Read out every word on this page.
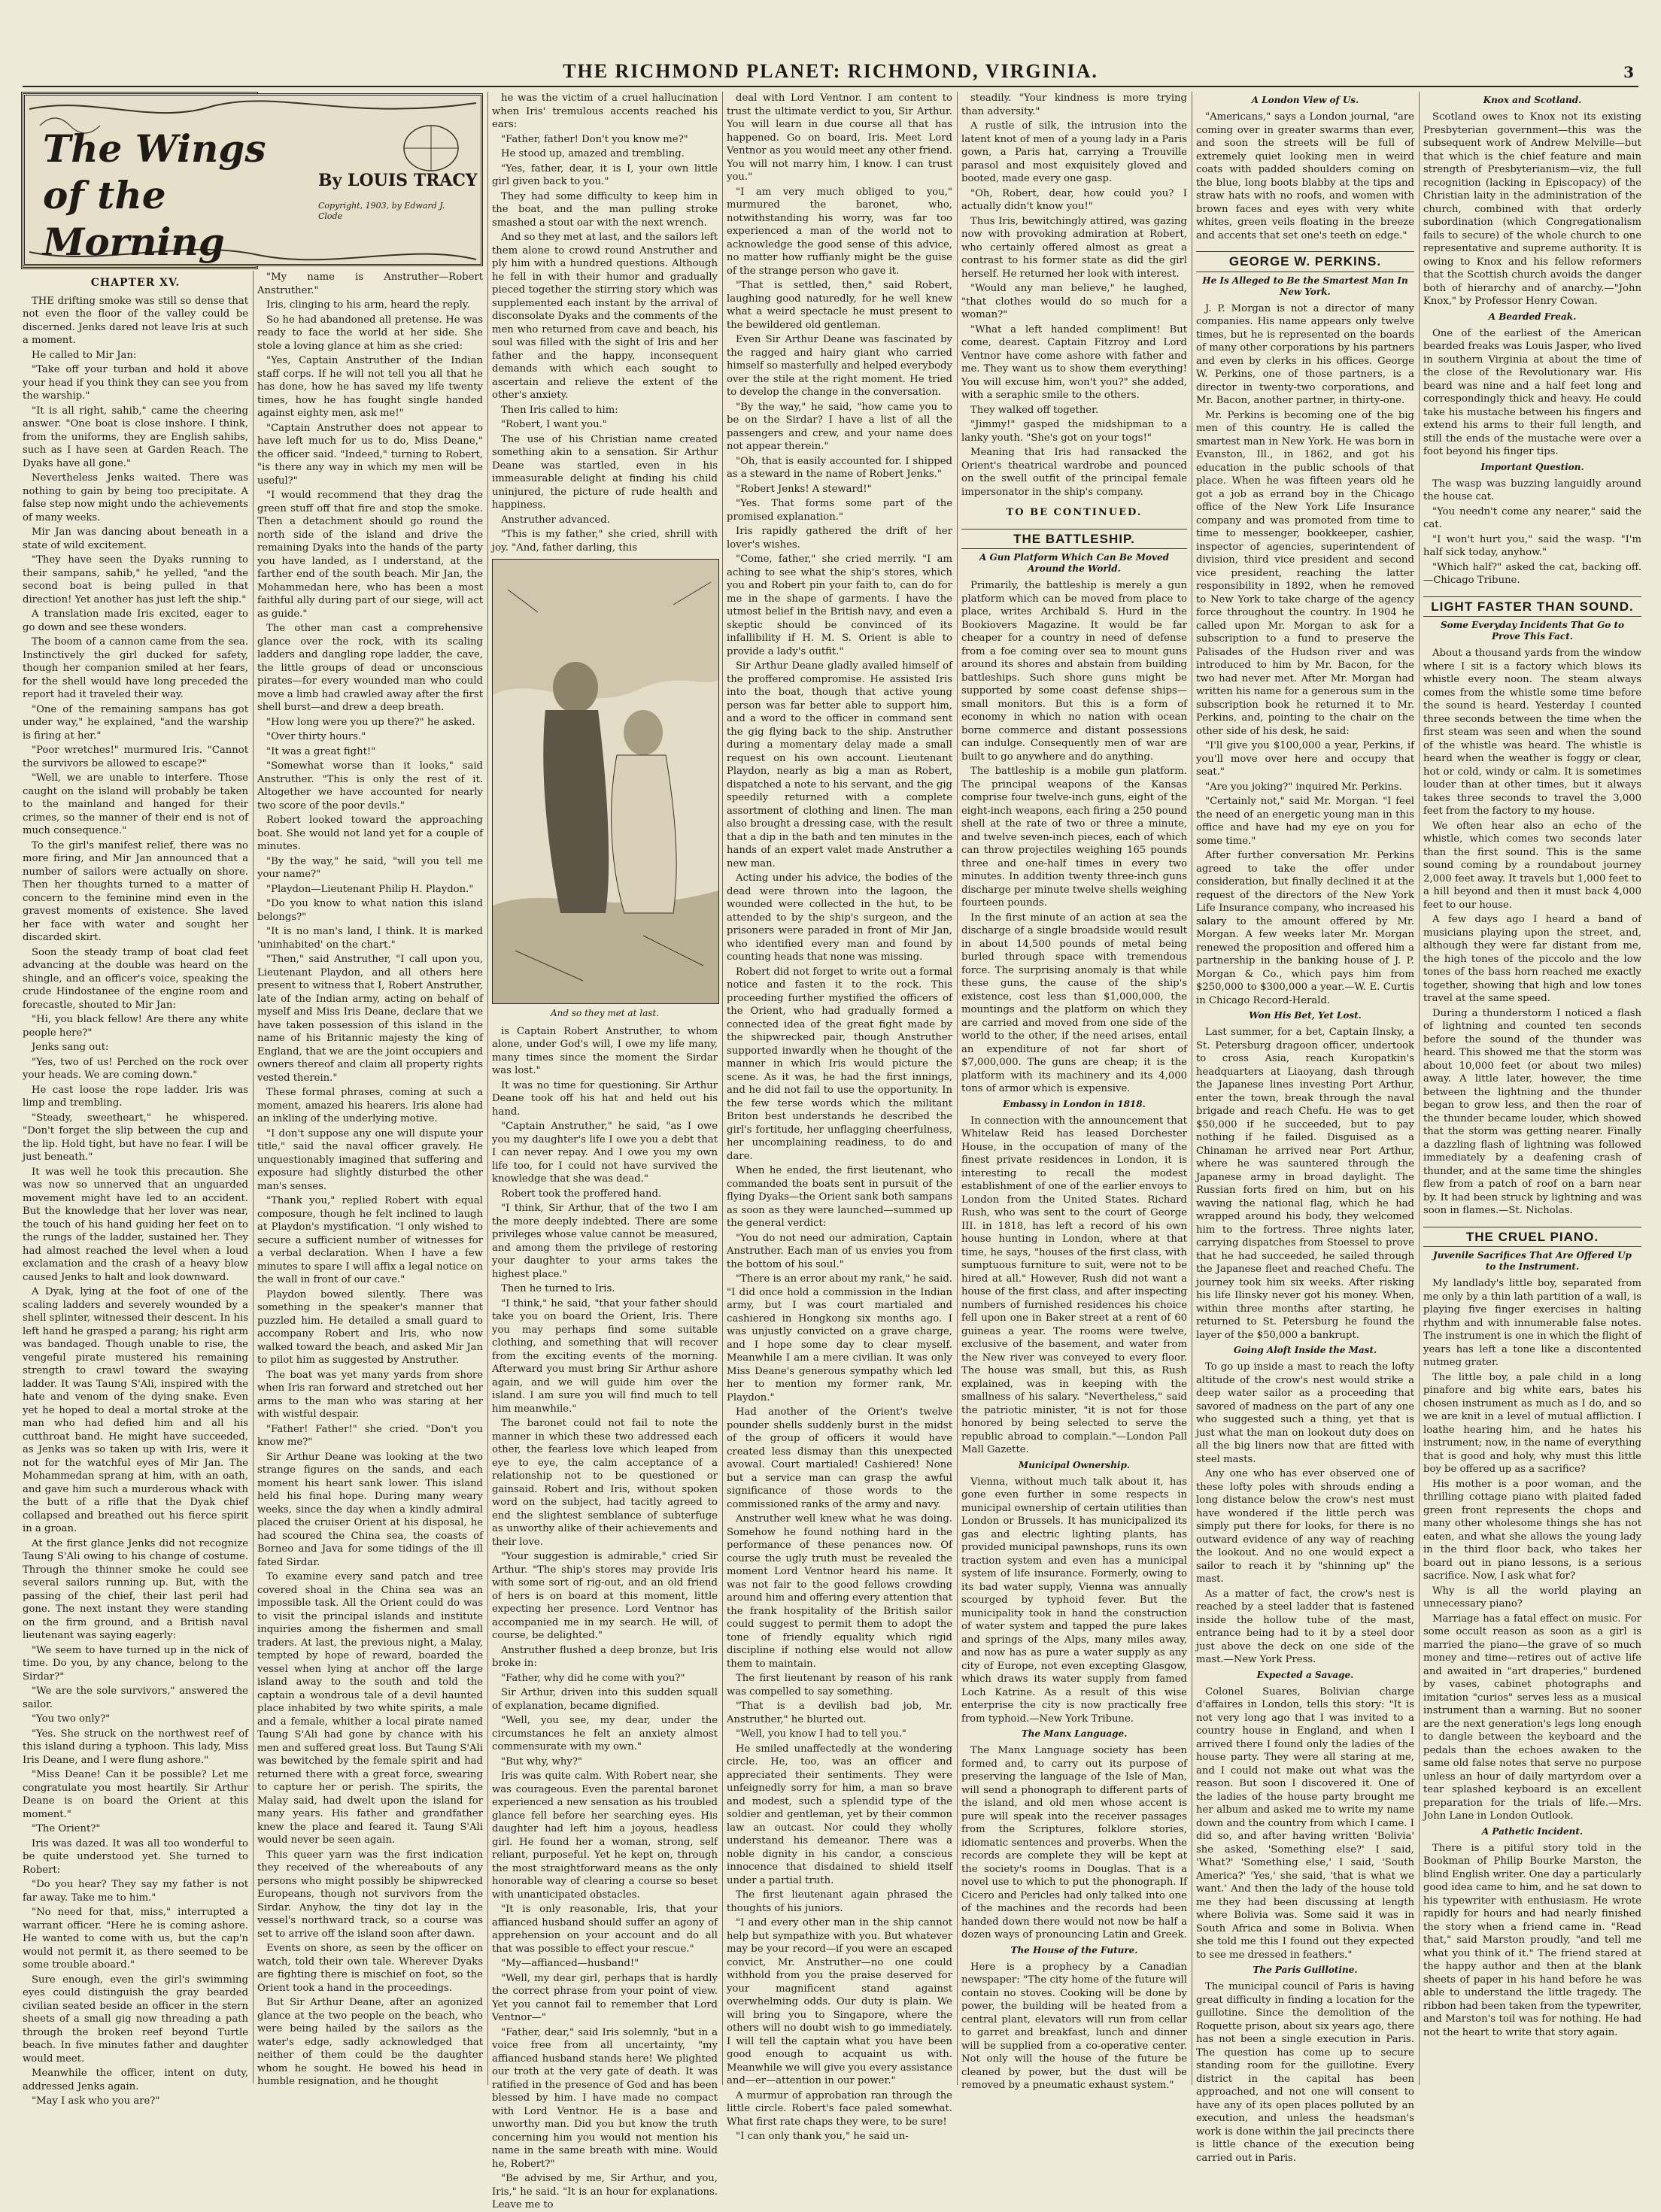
THE RICHMOND PLANET: RICHMOND, VIRGINIA.	3
The Wings of the Morning
By LOUIS TRACY
Copyright, 1903, by Edward J. Clode
CHAPTER XV.

THE drifting smoke was still so dense that not even the floor of the valley could be discerned. Jenks dared not leave Iris at such a moment.

He called to Mir Jan:

"Take off your turban and hold it above your head if you think they can see you from the warship."

"It is all right, sahib," came the cheering answer. "One boat is close inshore. I think, from the uniforms, they are English sahibs, such as I have seen at Garden Reach. The Dyaks have all gone."

Nevertheless Jenks waited. There was nothing to gain by being too precipitate. A false step now might undo the achievements of many weeks.

Mir Jan was dancing about beneath in a state of wild excitement.

"They have seen the Dyaks running to their sampans, sahib," he yelled, "and the second boat is being pulled in that direction! Yet another has just left the ship."

A translation made Iris excited, eager to go down and see these wonders.

The boom of a cannon came from the sea. Instinctively the girl ducked for safety, though her companion smiled at her fears, for the shell would have long preceded the report had it traveled their way.

"One of the remaining sampans has got under way," he explained, "and the warship is firing at her."

"Poor wretches!" murmured Iris. "Cannot the survivors be allowed to escape?"

"Well, we are unable to interfere. Those caught on the island will probably be taken to the mainland and hanged for their crimes, so the manner of their end is not of much consequence."

To the girl's manifest relief, there was no more firing, and Mir Jan announced that a number of sailors were actually on shore. Then her thoughts turned to a matter of concern to the feminine mind even in the gravest moments of existence. She laved her face with water and sought her discarded skirt.

Soon the steady tramp of boat clad feet advancing at the double was heard on the shingle, and an officer's voice, speaking the crude Hindostanee of the engine room and forecastle, shouted to Mir Jan:

"Hi, you black fellow! Are there any white people here?"

Jenks sang out:

"Yes, two of us! Perched on the rock over your heads. We are coming down."

He cast loose the rope ladder. Iris was limp and trembling.

"Steady, sweetheart," he whispered. "Don't forget the slip between the cup and the lip. Hold tight, but have no fear. I will be just beneath."

It was well he took this precaution. She was now so unnerved that an unguarded movement might have led to an accident. But the knowledge that her lover was near, the touch of his hand guiding her feet on to the rungs of the ladder, sustained her. They had almost reached the level when a loud exclamation and the crash of a heavy blow caused Jenks to halt and look downward.

A Dyak, lying at the foot of one of the scaling ladders and severely wounded by a shell splinter, witnessed their descent. In his left hand he grasped a parang; his right arm was bandaged. Though unable to rise, the vengeful pirate mustered his remaining strength to crawl toward the swaying ladder. It was Taung S'Ali, inspired with the hate and venom of the dying snake. Even yet he hoped to deal a mortal stroke at the man who had defied him and all his cutthroat band. He might have succeeded, as Jenks was so taken up with Iris, were it not for the watchful eyes of Mir Jan. The Mohammedan sprang at him, with an oath, and gave him such a murderous whack with the butt of a rifle that the Dyak chief collapsed and breathed out his fierce spirit in a groan.

At the first glance Jenks did not recognize Taung S'Ali owing to his change of costume. Through the thinner smoke he could see several sailors running up. But, with the passing of the chief, their last peril had gone. The next instant they were standing on the firm ground, and a British naval lieutenant was saying eagerly:

"We seem to have turned up in the nick of time. Do you, by any chance, belong to the Sirdar?"

"We are the sole survivors," answered the sailor.

"You two only?"

"Yes. She struck on the northwest reef of this island during a typhoon. This lady, Miss Iris Deane, and I were flung ashore."

"Miss Deane! Can it be possible? Let me congratulate you most heartily. Sir Arthur Deane is on board the Orient at this moment."

"The Orient?"

Iris was dazed. It was all too wonderful to be quite understood yet. She turned to Robert:

"Do you hear? They say my father is not far away. Take me to him."

"No need for that, miss," interrupted a warrant officer. "Here he is coming ashore. He wanted to come with us, but the cap'n would not permit it, as there seemed to be some trouble aboard."

Sure enough, even the girl's swimming eyes could distinguish the gray bearded civilian seated beside an officer in the stern sheets of a small gig now threading a path through the broken reef beyond Turtle beach. In five minutes father and daughter would meet.

Meanwhile the officer, intent on duty, addressed Jenks again.

"May I ask who you are?"

"My name is Anstruther—Robert Anstruther."

Iris, clinging to his arm, heard the reply.

So he had abandoned all pretense. He was ready to face the world at her side. She stole a loving glance at him as she cried:

"Yes, Captain Anstruther of the Indian staff corps. If he will not tell you all that he has done, how he has saved my life twenty times, how he has fought single handed against eighty men, ask me!"

"Captain Anstruther does not appear to have left much for us to do, Miss Deane," the officer said. "Indeed," turning to Robert, "is there any way in which my men will be useful?"

"I would recommend that they drag the green stuff off that fire and stop the smoke. Then a detachment should go round the north side of the island and drive the remaining Dyaks into the hands of the party you have landed, as I understand, at the farther end of the south beach. Mir Jan, the Mohammedan here, who has been a most faithful ally during part of our siege, will act as guide."

The other man cast a comprehensive glance over the rock, with its scaling ladders and dangling rope ladder, the cave, the little groups of dead or unconscious pirates—for every wounded man who could move a limb had crawled away after the first shell burst—and drew a deep breath.

"How long were you up there?" he asked.

"Over thirty hours."

"It was a great fight!"

"Somewhat worse than it looks," said Anstruther. "This is only the rest of it. Altogether we have accounted for nearly two score of the poor devils."

Robert looked toward the approaching boat. She would not land yet for a couple of minutes.

"By the way," he said, "will you tell me your name?"

"Playdon—Lieutenant Philip H. Playdon."

"Do you know to what nation this island belongs?"

"It is no man's land, I think. It is marked 'uninhabited' on the chart."

"Then," said Anstruther, "I call upon you, Lieutenant Playdon, and all others here present to witness that I, Robert Anstruther, late of the Indian army, acting on behalf of myself and Miss Iris Deane, declare that we have taken possession of this island in the name of his Britannic majesty the king of England, that we are the joint occupiers and owners thereof and claim all property rights vested therein."

These formal phrases, coming at such a moment, amazed his hearers. Iris alone had an inkling of the underlying motive.

"I don't suppose any one will dispute your title," said the naval officer gravely. He unquestionably imagined that suffering and exposure had slightly disturbed the other man's senses.

"Thank you," replied Robert with equal composure, though he felt inclined to laugh at Playdon's mystification. "I only wished to secure a sufficient number of witnesses for a verbal declaration. When I have a few minutes to spare I will affix a legal notice on the wall in front of our cave."

Playdon bowed silently. There was something in the speaker's manner that puzzled him. He detailed a small guard to accompany Robert and Iris, who now walked toward the beach, and asked Mir Jan to pilot him as suggested by Anstruther.

The boat was yet many yards from shore when Iris ran forward and stretched out her arms to the man who was staring at her with wistful despair.

"Father! Father!" she cried. "Don't you know me?"

Sir Arthur Deane was looking at the two strange figures on the sands, and each moment his heart sank lower. This island held his final hope. During many weary weeks, since the day when a kindly admiral placed the cruiser Orient at his disposal, he had scoured the China sea, the coasts of Borneo and Java for some tidings of the ill fated Sirdar.

To examine every sand patch and tree covered shoal in the China sea was an impossible task. All the Orient could do was to visit the principal islands and institute inquiries among the fishermen and small traders. At last, the previous night, a Malay, tempted by hope of reward, boarded the vessel when lying at anchor off the large island away to the south and told the captain a wondrous tale of a devil haunted place inhabited by two white spirits, a male and a female, whither a local pirate named Taung S'Ali had gone by chance with his men and suffered great loss. But Taung S'Ali was bewitched by the female spirit and had returned there with a great force, swearing to capture her or perish. The spirits, the Malay said, had dwelt upon the island for many years. His father and grandfather knew the place and feared it. Taung S'Ali would never be seen again.

This queer yarn was the first indication they received of the whereabouts of any persons who might possibly be shipwrecked Europeans, though not survivors from the Sirdar. Anyhow, the tiny dot lay in the vessel's northward track, so a course was set to arrive off the island soon after dawn.

Events on shore, as seen by the officer on watch, told their own tale. Wherever Dyaks are fighting there is mischief on foot, so the Orient took a hand in the proceedings.

But Sir Arthur Deane, after an agonized glance at the two people on the beach, who were being hailed by the sailors as the water's edge, sadly acknowledged that neither of them could be the daughter whom he sought. He bowed his head in humble resignation, and he thought

he was the victim of a cruel hallucination when Iris' tremulous accents reached his ears:

"Father, father! Don't you know me?"

He stood up, amazed and trembling.

"Yes, father, dear, it is I, your own little girl given back to you."

They had some difficulty to keep him in the boat, and the man pulling stroke smashed a stout oar with the next wrench.

And so they met at last, and the sailors left them alone to crowd round Anstruther and ply him with a hundred questions. Although he fell in with their humor and gradually pieced together the stirring story which was supplemented each instant by the arrival of disconsolate Dyaks and the comments of the men who returned from cave and beach, his soul was filled with the sight of Iris and her father and the happy, inconsequent demands with which each sought to ascertain and relieve the extent of the other's anxiety.

Then Iris called to him:

"Robert, I want you."

The use of his Christian name created something akin to a sensation. Sir Arthur Deane was startled, even in his immeasurable delight at finding his child uninjured, the picture of rude health and happiness.

Anstruther advanced.

"This is my father," she cried, shrill with joy. "And, father darling, this

And so they met at last.

is Captain Robert Anstruther, to whom alone, under God's will, I owe my life many, many times since the moment the Sirdar was lost."

It was no time for questioning. Sir Arthur Deane took off his hat and held out his hand.

"Captain Anstruther," he said, "as I owe you my daughter's life I owe you a debt that I can never repay. And I owe you my own life too, for I could not have survived the knowledge that she was dead."

Robert took the proffered hand.

"I think, Sir Arthur, that of the two I am the more deeply indebted. There are some privileges whose value cannot be measured, and among them the privilege of restoring your daughter to your arms takes the highest place."

Then he turned to Iris.

"I think," he said, "that your father should take you on board the Orient, Iris. There you may perhaps find some suitable clothing, and something that will recover from the exciting events of the morning. Afterward you must bring Sir Arthur ashore again, and we will guide him over the island. I am sure you will find much to tell him meanwhile."

The baronet could not fail to note the manner in which these two addressed each other, the fearless love which leaped from eye to eye, the calm acceptance of a relationship not to be questioned or gainsaid. Robert and Iris, without spoken word on the subject, had tacitly agreed to end the slightest semblance of subterfuge as unworthy alike of their achievements and their love.

"Your suggestion is admirable," cried Sir Arthur. "The ship's stores may provide Iris with some sort of rig-out, and an old friend of hers is on board at this moment, little expecting her presence. Lord Ventnor has accompanied me in my search. He will, of course, be delighted."

Anstruther flushed a deep bronze, but Iris broke in:

"Father, why did he come with you?"

Sir Arthur, driven into this sudden squall of explanation, became dignified.

"Well, you see, my dear, under the circumstances he felt an anxiety almost commensurate with my own."

"But why, why?"

Iris was quite calm. With Robert near, she was courageous. Even the parental baronet experienced a new sensation as his troubled glance fell before her searching eyes. His daughter had left him a joyous, headless girl. He found her a woman, strong, self reliant, purposeful. Yet he kept on, through the most straightforward means as the only honorable way of clearing a course so beset with unanticipated obstacles.

"It is only reasonable, Iris, that your affianced husband should suffer an agony of apprehension on your account and do all that was possible to effect your rescue."

"My—affianced—husband!"

"Well, my dear girl, perhaps that is hardly the correct phrase from your point of view. Yet you cannot fail to remember that Lord Ventnor—"

"Father, dear," said Iris solemnly, "but in a voice free from all uncertainty, "my affianced husband stands here! We plighted our troth at the very gate of death. It was ratified in the presence of God and has been blessed by him. I have made no compact with Lord Ventnor. He is a base and unworthy man. Did you but know the truth concerning him you would not mention his name in the same breath with mine. Would he, Robert?"

"Be advised by me, Sir Arthur, and you, Iris," he said. "It is an hour for explanations. Leave me to

deal with Lord Ventnor. I am content to trust the ultimate verdict to you, Sir Arthur. You will learn in due course all that has happened. Go on board, Iris. Meet Lord Ventnor as you would meet any other friend. You will not marry him, I know. I can trust you."

"I am very much obliged to you," murmured the baronet, who, notwithstanding his worry, was far too experienced a man of the world not to acknowledge the good sense of this advice, no matter how ruffianly might be the guise of the strange person who gave it.

"That is settled, then," said Robert, laughing good naturedly, for he well knew what a weird spectacle he must present to the bewildered old gentleman.

Even Sir Arthur Deane was fascinated by the ragged and hairy giant who carried himself so masterfully and helped everybody over the stile at the right moment. He tried to develop the change in the conversation.

"By the way," he said, "how came you to be on the Sirdar? I have a list of all the passengers and crew, and your name does not appear therein."

"Oh, that is easily accounted for. I shipped as a steward in the name of Robert Jenks."

"Robert Jenks! A steward!"

"Yes. That forms some part of the promised explanation."

Iris rapidly gathered the drift of her lover's wishes.

"Come, father," she cried merrily. "I am aching to see what the ship's stores, which you and Robert pin your faith to, can do for me in the shape of garments. I have the utmost belief in the British navy, and even a skeptic should be convinced of its infallibility if H. M. S. Orient is able to provide a lady's outfit."

Sir Arthur Deane gladly availed himself of the proffered compromise. He assisted Iris into the boat, though that active young person was far better able to support him, and a word to the officer in command sent the gig flying back to the ship. Anstruther during a momentary delay made a small request on his own account. Lieutenant Playdon, nearly as big a man as Robert, dispatched a note to his servant, and the gig speedily returned with a complete assortment of clothing and linen. The man also brought a dressing case, with the result that a dip in the bath and ten minutes in the hands of an expert valet made Anstruther a new man.

Acting under his advice, the bodies of the dead were thrown into the lagoon, the wounded were collected in the hut, to be attended to by the ship's surgeon, and the prisoners were paraded in front of Mir Jan, who identified every man and found by counting heads that none was missing.

Robert did not forget to write out a formal notice and fasten it to the rock. This proceeding further mystified the officers of the Orient, who had gradually formed a connected idea of the great fight made by the shipwrecked pair, though Anstruther supported inwardly when he thought of the manner in which Iris would picture the scene. As it was, he had the first innings, and he did not fail to use the opportunity. In the few terse words which the militant Briton best understands he described the girl's fortitude, her unflagging cheerfulness, her uncomplaining readiness, to do and dare.

When he ended, the first lieutenant, who commanded the boats sent in pursuit of the flying Dyaks—the Orient sank both sampans as soon as they were launched—summed up the general verdict:

"You do not need our admiration, Captain Anstruther. Each man of us envies you from the bottom of his soul."

"There is an error about my rank," he said. "I did once hold a commission in the Indian army, but I was court martialed and cashiered in Hongkong six months ago. I was unjustly convicted on a grave charge, and I hope some day to clear myself. Meanwhile I am a mere civilian. It was only Miss Deane's generous sympathy which led her to mention my former rank, Mr. Playdon."

Had another of the Orient's twelve pounder shells suddenly burst in the midst of the group of officers it would have created less dismay than this unexpected avowal. Court martialed! Cashiered! None but a service man can grasp the awful significance of those words to the commissioned ranks of the army and navy.

Anstruther well knew what he was doing. Somehow he found nothing hard in the performance of these penances now. Of course the ugly truth must be revealed the moment Lord Ventnor heard his name. It was not fair to the good fellows crowding around him and offering every attention that the frank hospitality of the British sailor could suggest to permit them to adopt the tone of friendly equality which rigid discipline if nothing else would not allow them to maintain.

The first lieutenant by reason of his rank was compelled to say something.

"That is a devilish bad job, Mr. Anstruther," he blurted out.

"Well, you know I had to tell you."

He smiled unaffectedly at the wondering circle. He, too, was an officer and appreciated their sentiments. They were unfeignedly sorry for him, a man so brave and modest, such a splendid type of the soldier and gentleman, yet by their common law an outcast. Nor could they wholly understand his demeanor. There was a noble dignity in his candor, a conscious innocence that disdained to shield itself under a partial truth.

The first lieutenant again phrased the thoughts of his juniors.

"I and every other man in the ship cannot help but sympathize with you. But whatever may be your record—if you were an escaped convict, Mr. Anstruther—no one could withhold from you the praise deserved for your magnificent stand against overwhelming odds. Our duty is plain. We will bring you to Singapore, where the others will no doubt wish to go immediately. I will tell the captain what you have been good enough to acquaint us with. Meanwhile we will give you every assistance and—er—attention in our power."

A murmur of approbation ran through the little circle. Robert's face paled somewhat. What first rate chaps they were, to be sure!

"I can only thank you," he said un-

steadily. "Your kindness is more trying than adversity."

A rustle of silk, the intrusion into the latent knot of men of a young lady in a Paris gown, a Paris hat, carrying a Trouville parasol and most exquisitely gloved and booted, made every one gasp.

"Oh, Robert, dear, how could you? I actually didn't know you!"

Thus Iris, bewitchingly attired, was gazing now with provoking admiration at Robert, who certainly offered almost as great a contrast to his former state as did the girl herself. He returned her look with interest.

"Would any man believe," he laughed, "that clothes would do so much for a woman?"

"What a left handed compliment! But come, dearest. Captain Fitzroy and Lord Ventnor have come ashore with father and me. They want us to show them everything! You will excuse him, won't you?" she added, with a seraphic smile to the others.

They walked off together.

"Jimmy!" gasped the midshipman to a lanky youth. "She's got on your togs!"

Meaning that Iris had ransacked the Orient's theatrical wardrobe and pounced on the swell outfit of the principal female impersonator in the ship's company.

TO BE CONTINUED.
THE BATTLESHIP.
A Gun Platform Which Can Be Moved Around the World.

Primarily, the battleship is merely a gun platform which can be moved from place to place, writes Archibald S. Hurd in the Bookiovers Magazine. It would be far cheaper for a country in need of defense from a foe coming over sea to mount guns around its shores and abstain from building battleships. Such shore guns might be supported by some coast defense ships—small monitors. But this is a form of economy in which no nation with ocean borne commerce and distant possessions can indulge. Consequently men of war are built to go anywhere and do anything.

The battleship is a mobile gun platform. The principal weapons of the Kansas comprise four twelve-inch guns, eight of the eight-inch weapons, each firing a 250 pound shell at the rate of two or three a minute, and twelve seven-inch pieces, each of which can throw projectiles weighing 165 pounds three and one-half times in every two minutes. In addition twenty three-inch guns discharge per minute twelve shells weighing fourteen pounds.

In the first minute of an action at sea the discharge of a single broadside would result in about 14,500 pounds of metal being burled through space with tremendous force. The surprising anomaly is that while these guns, the cause of the ship's existence, cost less than $1,000,000, the mountings and the platform on which they are carried and moved from one side of the world to the other, if the need arises, entail an expenditure of not far short of $7,000,000. The guns are cheap; it is the platform with its machinery and its 4,000 tons of armor which is expensive.

Embassy in London in 1818.

In connection with the announcement that Whitelaw Reid has leased Dorchester House, in the occupation of many of the finest private residences in London, it is interesting to recall the modest establishment of one of the earlier envoys to London from the United States. Richard Rush, who was sent to the court of George III. in 1818, has left a record of his own house hunting in London, where at that time, he says, "houses of the first class, with sumptuous furniture to suit, were not to be hired at all." However, Rush did not want a house of the first class, and after inspecting numbers of furnished residences his choice fell upon one in Baker street at a rent of 60 guineas a year. The rooms were twelve, exclusive of the basement, and water from the New river was conveyed to every floor. The house was small, but this, as Rush explained, was in keeping with the smallness of his salary. "Nevertheless," said the patriotic minister, "it is not for those honored by being selected to serve the republic abroad to complain."—London Pall Mall Gazette.

Municipal Ownership.

Vienna, without much talk about it, has gone even further in some respects in municipal ownership of certain utilities than London or Brussels. It has municipalized its gas and electric lighting plants, has provided municipal pawnshops, runs its own traction system and even has a municipal system of life insurance. Formerly, owing to its bad water supply, Vienna was annually scourged by typhoid fever. But the municipality took in hand the construction of water system and tapped the pure lakes and springs of the Alps, many miles away, and now has as pure a water supply as any city of Europe, not even excepting Glasgow, which draws its water supply from famed Loch Katrine. As a result of this wise enterprise the city is now practically free from typhoid.—New York Tribune.

The Manx Language.

The Manx Language society has been formed and, to carry out its purpose of preserving the language of the Isle of Man, will send a phonograph to different parts of the island, and old men whose accent is pure will speak into the receiver passages from the Scriptures, folklore stories, idiomatic sentences and proverbs. When the records are complete they will be kept at the society's rooms in Douglas. That is a novel use to which to put the phonograph. If Cicero and Pericles had only talked into one of the machines and the records had been handed down there would not now be half a dozen ways of pronouncing Latin and Greek.

The House of the Future.

Here is a prophecy by a Canadian newspaper: "The city home of the future will contain no stoves. Cooking will be done by power, the building will be heated from a central plant, elevators will run from cellar to garret and breakfast, lunch and dinner will be supplied from a co-operative center. Not only will the house of the future be cleaned by power, but the dust will be removed by a pneumatic exhaust system."

A London View of Us.

"Americans," says a London journal, "are coming over in greater swarms than ever, and soon the streets will be full of extremely quiet looking men in weird coats with padded shoulders coming on the blue, long boots blabby at the tips and straw hats with no roofs, and women with brown faces and eyes with very white whites, green veils floating in the breeze and accents that set one's teeth on edge."

GEORGE W. PERKINS.
He Is Alleged to Be the Smartest Man In New York.

J. P. Morgan is not a director of many companies. His name appears only twelve times, but he is represented on the boards of many other corporations by his partners and even by clerks in his offices. George W. Perkins, one of those partners, is a director in twenty-two corporations, and Mr. Bacon, another partner, in thirty-one.

Mr. Perkins is becoming one of the big men of this country. He is called the smartest man in New York. He was born in Evanston, Ill., in 1862, and got his education in the public schools of that place. When he was fifteen years old he got a job as errand boy in the Chicago office of the New York Life Insurance company and was promoted from time to time to messenger, bookkeeper, cashier, inspector of agencies, superintendent of division, third vice president and second vice president, reaching the latter responsibility in 1892, when he removed to New York to take charge of the agency force throughout the country. In 1904 he called upon Mr. Morgan to ask for a subscription to a fund to preserve the Palisades of the Hudson river and was introduced to him by Mr. Bacon, for the two had never met. After Mr. Morgan had written his name for a generous sum in the subscription book he returned it to Mr. Perkins, and, pointing to the chair on the other side of his desk, he said:

"I'll give you $100,000 a year, Perkins, if you'll move over here and occupy that seat."

"Are you joking?" inquired Mr. Perkins.

"Certainly not," said Mr. Morgan. "I feel the need of an energetic young man in this office and have had my eye on you for some time."

After further conversation Mr. Perkins agreed to take the offer under consideration, but finally declined it at the request of the directors of the New York Life Insurance company, who increased his salary to the amount offered by Mr. Morgan. A few weeks later Mr. Morgan renewed the proposition and offered him a partnership in the banking house of J. P. Morgan & Co., which pays him from $250,000 to $300,000 a year.—W. E. Curtis in Chicago Record-Herald.

Won His Bet, Yet Lost.

Last summer, for a bet, Captain Ilnsky, a St. Petersburg dragoon officer, undertook to cross Asia, reach Kuropatkin's headquarters at Liaoyang, dash through the Japanese lines investing Port Arthur, enter the town, break through the naval brigade and reach Chefu. He was to get $50,000 if he succeeded, but to pay nothing if he failed. Disguised as a Chinaman he arrived near Port Arthur, where he was sauntered through the Japanese army in broad daylight. The Russian forts fired on him, but on his waving the national flag, which he had wrapped around his body, they welcomed him to the fortress. Three nights later, carrying dispatches from Stoessel to prove that he had succeeded, he sailed through the Japanese fleet and reached Chefu. The journey took him six weeks. After risking his life Ilinsky never got his money. When, within three months after starting, he returned to St. Petersburg he found the layer of the $50,000 a bankrupt.

Going Aloft Inside the Mast.

To go up inside a mast to reach the lofty altitude of the crow's nest would strike a deep water sailor as a proceeding that savored of madness on the part of any one who suggested such a thing, yet that is just what the man on lookout duty does on all the big liners now that are fitted with steel masts.

Any one who has ever observed one of these lofty poles with shrouds ending a long distance below the crow's nest must have wondered if the little perch was simply put there for looks, for there is no outward evidence of any way of reaching the lookout. And no one would expect a sailor to reach it by "shinning up" the mast.

As a matter of fact, the crow's nest is reached by a steel ladder that is fastened inside the hollow tube of the mast, entrance being had to it by a steel door just above the deck on one side of the mast.—New York Press.

Expected a Savage.

Colonel Suares, Bolivian charge d'affaires in London, tells this story: "It is not very long ago that I was invited to a country house in England, and when I arrived there I found only the ladies of the house party. They were all staring at me, and I could not make out what was the reason. But soon I discovered it. One of the ladies of the house party brought me her album and asked me to write my name down and the country from which I came. I did so, and after having written 'Bolivia' she asked, 'Something else?' I said, 'What?' 'Something else,' I said, 'South America?' 'Yes,' she said, 'that is what we want.' And then the lady of the house told me they had been discussing at length where Bolivia was. Some said it was in South Africa and some in Bolivia. When she told me this I found out they expected to see me dressed in feathers."

The Paris Guillotine.

The municipal council of Paris is having great difficulty in finding a location for the guillotine. Since the demolition of the Roquette prison, about six years ago, there has not been a single execution in Paris. The question has come up to secure standing room for the guillotine. Every district in the capital has been approached, and not one will consent to have any of its open places polluted by an execution, and unless the headsman's work is done within the jail precincts there is little chance of the execution being carried out in Paris.

Knox and Scotland.

Scotland owes to Knox not its existing Presbyterian government—this was the subsequent work of Andrew Melville—but that which is the chief feature and main strength of Presbyterianism—viz, the full recognition (lacking in Episcopacy) of the Christian laity in the administration of the church, combined with that orderly subordination (which Congregationalism fails to secure) of the whole church to one representative and supreme authority. It is owing to Knox and his fellow reformers that the Scottish church avoids the danger both of hierarchy and of anarchy.—"John Knox," by Professor Henry Cowan.

A Bearded Freak.

One of the earliest of the American bearded freaks was Louis Jasper, who lived in southern Virginia at about the time of the close of the Revolutionary war. His beard was nine and a half feet long and correspondingly thick and heavy. He could take his mustache between his fingers and extend his arms to their full length, and still the ends of the mustache were over a foot beyond his finger tips.

Important Question.

The wasp was buzzing languidly around the house cat.

"You needn't come any nearer," said the cat.

"I won't hurt you," said the wasp. "I'm half sick today, anyhow."

"Which half?" asked the cat, backing off.—Chicago Tribune.

LIGHT FASTER THAN SOUND.
Some Everyday Incidents That Go to Prove This Fact.

About a thousand yards from the window where I sit is a factory which blows its whistle every noon. The steam always comes from the whistle some time before the sound is heard. Yesterday I counted three seconds between the time when the first steam was seen and when the sound of the whistle was heard. The whistle is heard when the weather is foggy or clear, hot or cold, windy or calm. It is sometimes louder than at other times, but it always takes three seconds to travel the 3,000 feet from the factory to my house.

We often hear also an echo of the whistle, which comes two seconds later than the first sound. This is the same sound coming by a roundabout journey 2,000 feet away. It travels but 1,000 feet to a hill beyond and then it must back 4,000 feet to our house.

A few days ago I heard a band of musicians playing upon the street, and, although they were far distant from me, the high tones of the piccolo and the low tones of the bass horn reached me exactly together, showing that high and low tones travel at the same speed.

During a thunderstorm I noticed a flash of lightning and counted ten seconds before the sound of the thunder was heard. This showed me that the storm was about 10,000 feet (or about two miles) away. A little later, however, the time between the lightning and the thunder began to grow less, and then the roar of the thunder became louder, which showed that the storm was getting nearer. Finally a dazzling flash of lightning was followed immediately by a deafening crash of thunder, and at the same time the shingles flew from a patch of roof on a barn near by. It had been struck by lightning and was soon in flames.—St. Nicholas.

THE CRUEL PIANO.
Juvenile Sacrifices That Are Offered Up to the Instrument.

My landlady's little boy, separated from me only by a thin lath partition of a wall, is playing five finger exercises in halting rhythm and with innumerable false notes. The instrument is one in which the flight of years has left a tone like a discontented nutmeg grater.

The little boy, a pale child in a long pinafore and big white ears, bates his chosen instrument as much as I do, and so we are knit in a level of mutual affliction. I loathe hearing him, and he hates his instrument; now, in the name of everything that is good and holy, why must this little boy be offered up as a sacrifice?

His mother is a poor woman, and the thrilling cottage piano with plaited faded green front represents the chops and many other wholesome things she has not eaten, and what she allows the young lady in the third floor back, who takes her board out in piano lessons, is a serious sacrifice. Now, I ask what for?

Why is all the world playing an unnecessary piano?

Marriage has a fatal effect on music. For some occult reason as soon as a girl is married the piano—the grave of so much money and time—retires out of active life and awaited in "art draperies," burdened by vases, cabinet photographs and imitation "curios" serves less as a musical instrument than a warning. But no sooner are the next generation's legs long enough to dangle between the keyboard and the pedals than the echoes awaken to the same old false notes that serve no purpose unless an hour of daily martyrdom over a tear splashed keyboard is an excellent preparation for the trials of life.—Mrs. John Lane in London Outlook.

A Pathetic Incident.

There is a pitiful story told in the Bookman of Philip Bourke Marston, the blind English writer. One day a particularly good idea came to him, and he sat down to his typewriter with enthusiasm. He wrote rapidly for hours and had nearly finished the story when a friend came in. "Read that," said Marston proudly, "and tell me what you think of it." The friend stared at the happy author and then at the blank sheets of paper in his hand before he was able to understand the little tragedy. The ribbon had been taken from the typewriter, and Marston's toil was for nothing. He had not the heart to write that story again.
